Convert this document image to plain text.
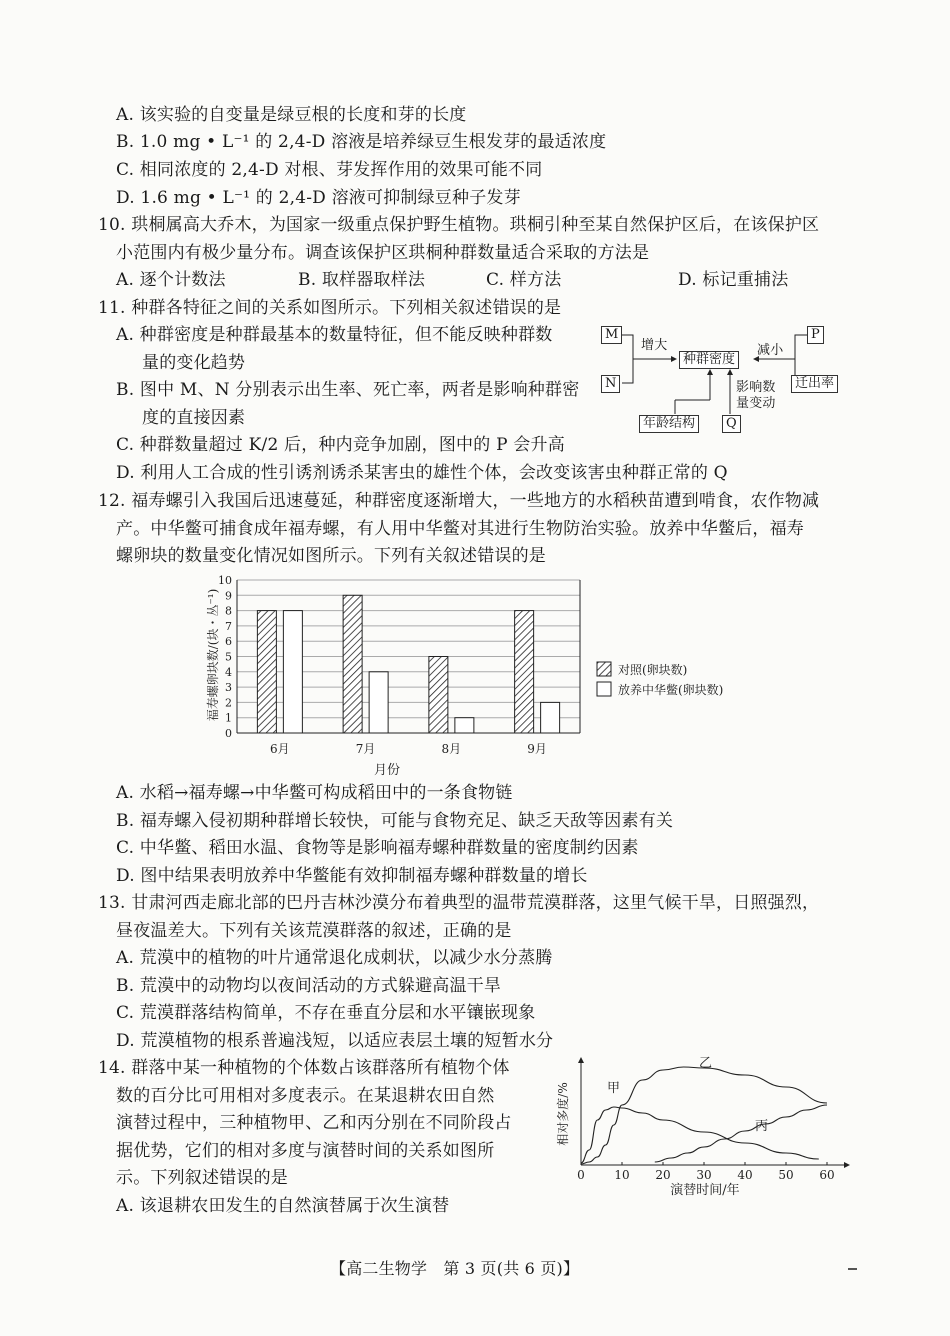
A. 该实验的自变量是绿豆根的长度和芽的长度
B. 1.0 mg • L⁻¹ 的 2,4-D 溶液是培养绿豆生根发芽的最适浓度
C. 相同浓度的 2,4-D 对根、芽发挥作用的效果可能不同
D. 1.6 mg • L⁻¹ 的 2,4-D 溶液可抑制绿豆种子发芽
10. 珙桐属高大乔木，为国家一级重点保护野生植物。珙桐引种至某自然保护区后，在该保护区
小范围内有极少量分布。调查该保护区珙桐种群数量适合采取的方法是
A. 逐个计数法	B. 取样器取样法	C. 样方法	D. 标记重捕法
11. 种群各特征之间的关系如图所示。下列相关叙述错误的是
A. 种群密度是种群最基本的数量特征，但不能反映种群数
量的变化趋势
B. 图中 M、N 分别表示出生率、死亡率，两者是影响种群密
度的直接因素
C. 种群数量超过 K/2 后，种内竞争加剧，图中的 P 会升高
D. 利用人工合成的性引诱剂诱杀某害虫的雄性个体，会改变该害虫种群正常的 Q
M
N
P
迁出率
种群密度
年龄结构	Q
增大	减小
影响数
量变动
12. 福寿螺引入我国后迅速蔓延，种群密度逐渐增大，一些地方的水稻秧苗遭到啃食，农作物减
产。中华鳖可捕食成年福寿螺，有人用中华鳖对其进行生物防治实验。放养中华鳖后，福寿
螺卵块的数量变化情况如图所示。下列有关叙述错误的是
0
1
2
3
4
5
6
7
8
9
10
6月	7月	8月	9月
月份
福寿螺卵块数/(块・丛⁻¹)	对照(卵块数)
放养中华鳖(卵块数)
A. 水稻→福寿螺→中华鳖可构成稻田中的一条食物链
B. 福寿螺入侵初期种群增长较快，可能与食物充足、缺乏天敌等因素有关
C. 中华鳖、稻田水温、食物等是影响福寿螺种群数量的密度制约因素
D. 图中结果表明放养中华鳖能有效抑制福寿螺种群数量的增长
13. 甘肃河西走廊北部的巴丹吉林沙漠分布着典型的温带荒漠群落，这里气候干旱，日照强烈，
昼夜温差大。下列有关该荒漠群落的叙述，正确的是
A. 荒漠中的植物的叶片通常退化成刺状，以减少水分蒸腾
B. 荒漠中的动物均以夜间活动的方式躲避高温干旱
C. 荒漠群落结构简单，不存在垂直分层和水平镶嵌现象
D. 荒漠植物的根系普遍浅短，以适应表层土壤的短暂水分
14. 群落中某一种植物的个体数占该群落所有植物个体
数的百分比可用相对多度表示。在某退耕农田自然
演替过程中，三种植物甲、乙和丙分别在不同阶段占
据优势，它们的相对多度与演替时间的关系如图所
示。下列叙述错误的是
A. 该退耕农田发生的自然演替属于次生演替
0 10 20 30 40 50 60
相对多度/%
演替时间/年
甲
乙
丙
【高二生物学　第 3 页(共 6 页)】
